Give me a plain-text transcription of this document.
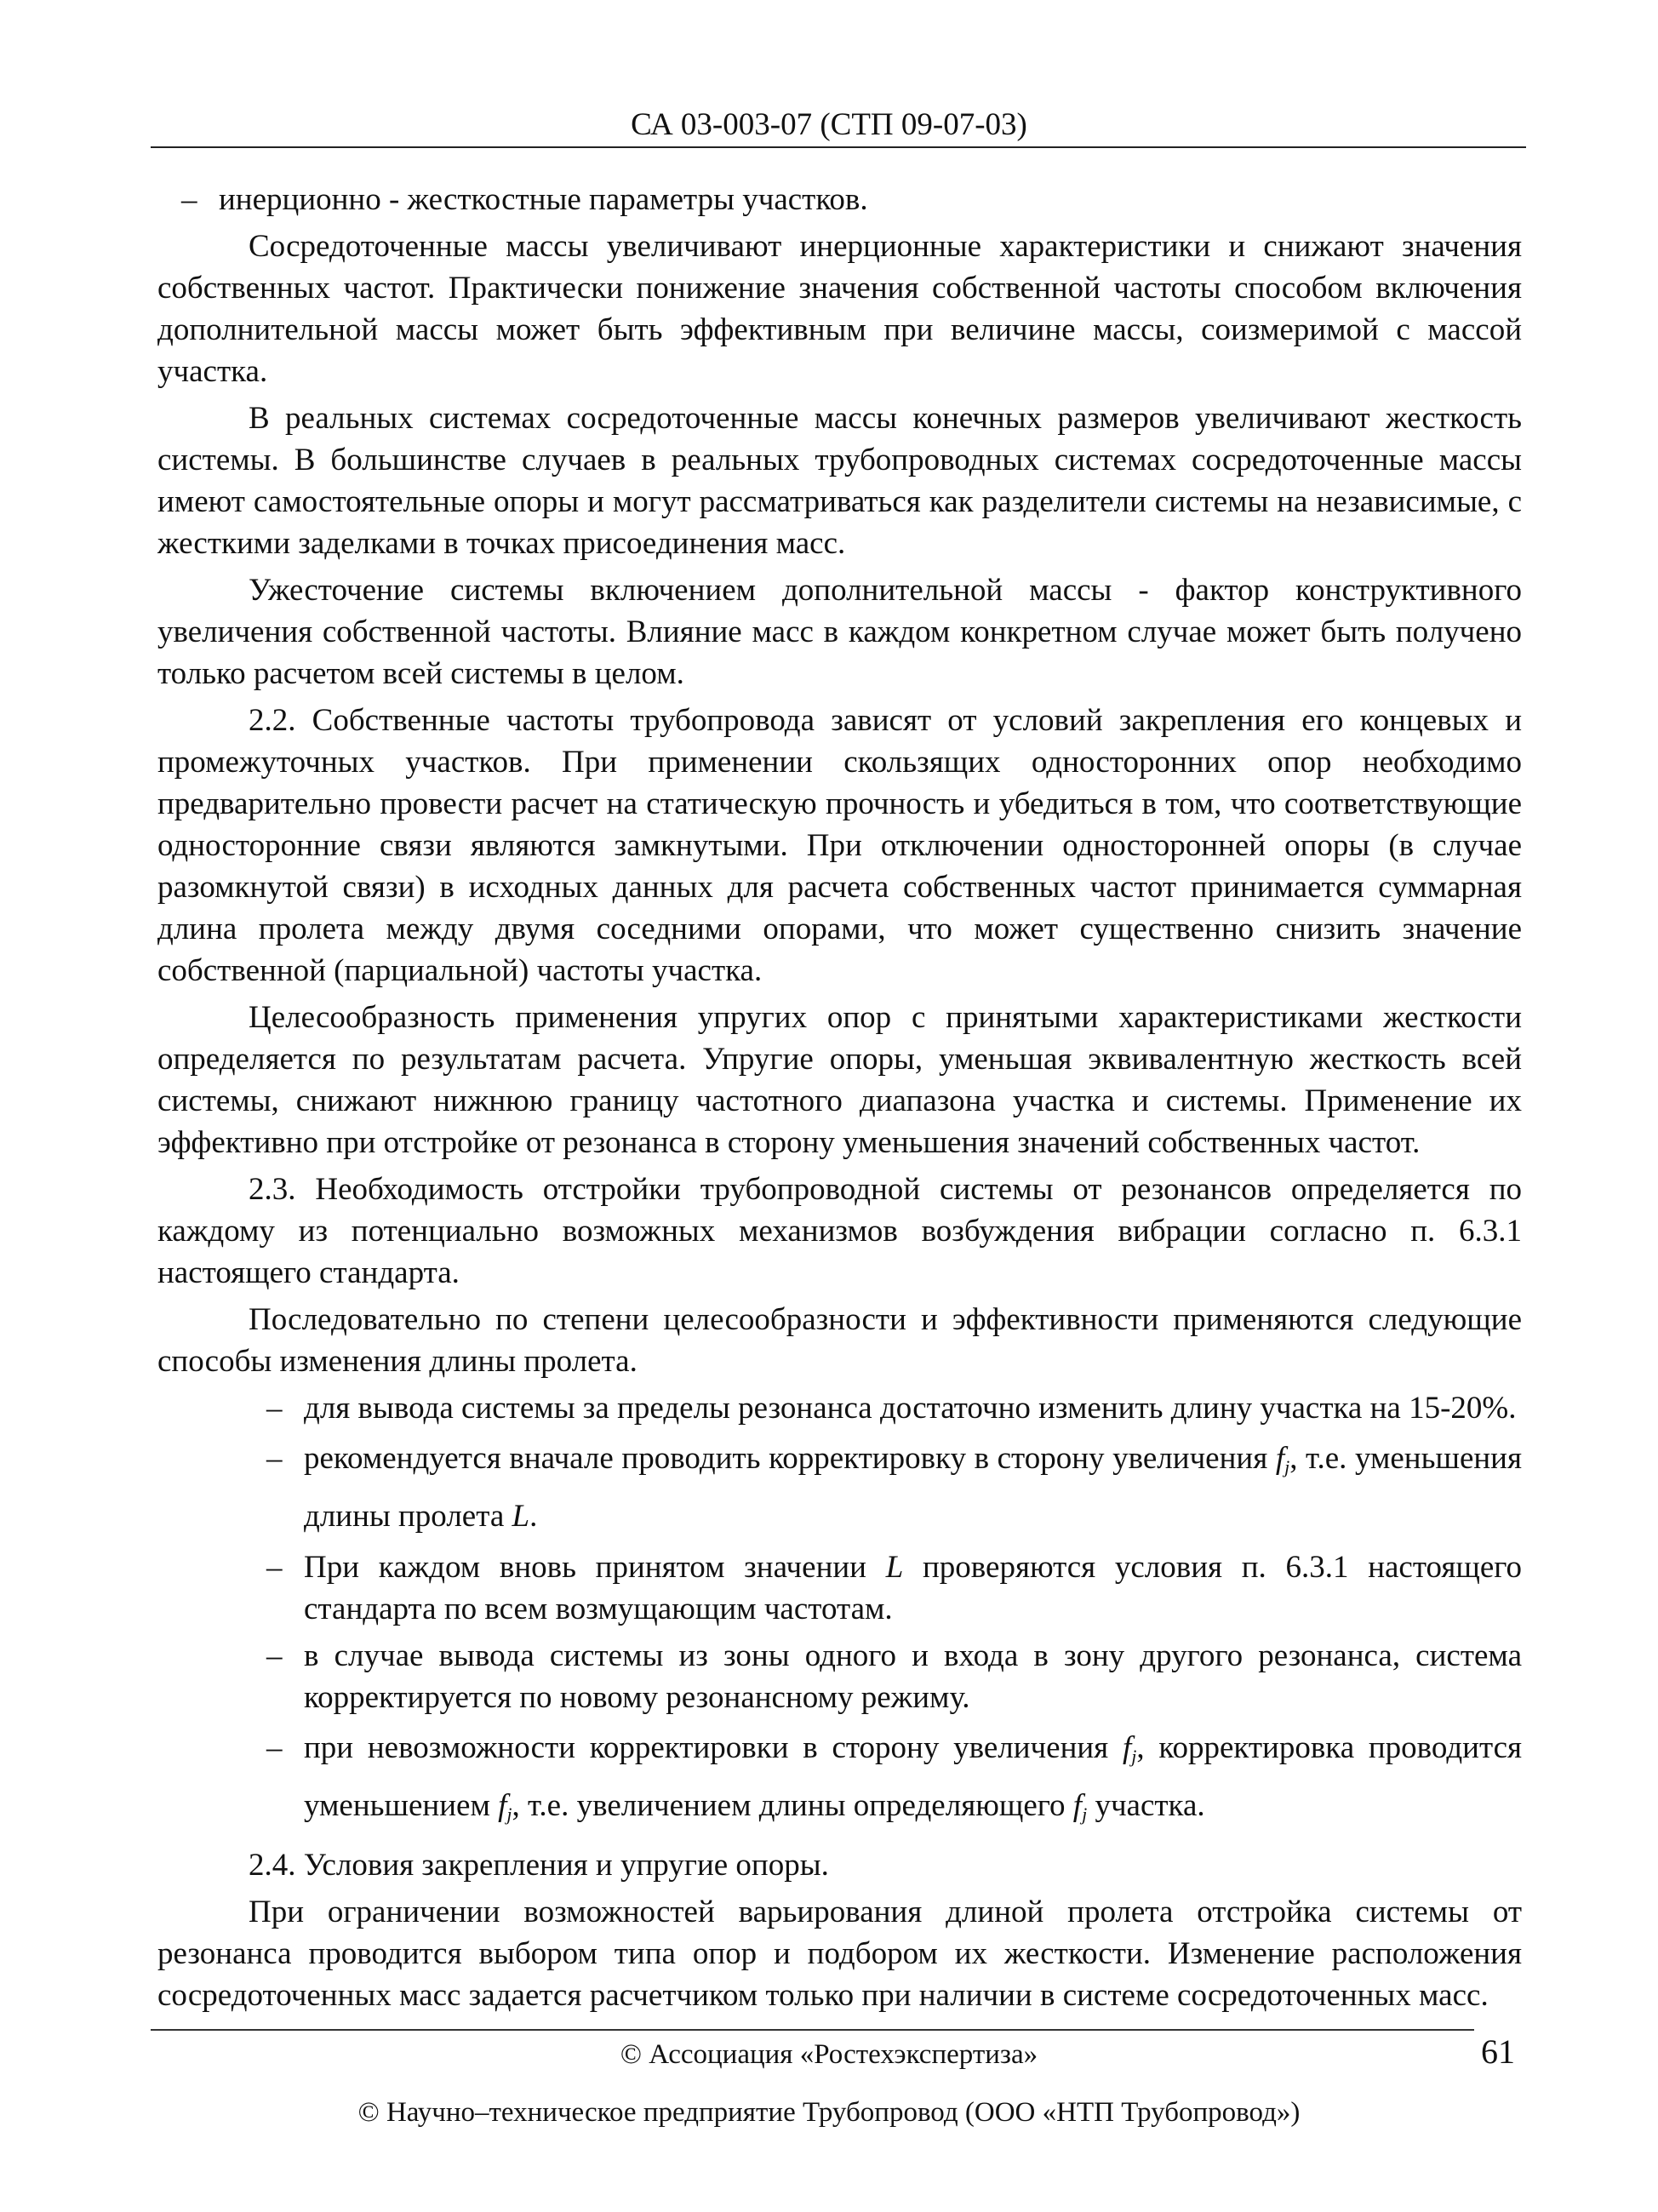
СА 03-003-07 (СТП 09-07-03)

– инерционно - жесткостные параметры участков.

Сосредоточенные массы увеличивают инерционные характеристики и снижают значения собственных частот. Практически понижение значения собственной частоты способом включения дополнительной массы может быть эффективным при величине массы, соизмеримой с массой участка.

В реальных системах сосредоточенные массы конечных размеров увеличивают жесткость системы. В большинстве случаев в реальных трубопроводных системах сосредоточенные массы имеют самостоятельные опоры и могут рассматриваться как разделители системы на независимые, с жесткими заделками в точках присоединения масс.

Ужесточение системы включением дополнительной массы - фактор конструктивного увеличения собственной частоты. Влияние масс в каждом конкретном случае может быть получено только расчетом всей системы в целом.

2.2. Собственные частоты трубопровода зависят от условий закрепления его концевых и промежуточных участков. При применении скользящих односторонних опор необходимо предварительно провести расчет на статическую прочность и убедиться в том, что соответствующие односторонние связи являются замкнутыми. При отключении односторонней опоры (в случае разомкнутой связи) в исходных данных для расчета собственных частот принимается суммарная длина пролета между двумя соседними опорами, что может существенно снизить значение собственной (парциальной) частоты участка.

Целесообразность применения упругих опор с принятыми характеристиками жесткости определяется по результатам расчета. Упругие опоры, уменьшая эквивалентную жесткость всей системы, снижают нижнюю границу частотного диапазона участка и системы. Применение их эффективно при отстройке от резонанса в сторону уменьшения значений собственных частот.

2.3. Необходимость отстройки трубопроводной системы от резонансов определяется по каждому из потенциально возможных механизмов возбуждения вибрации согласно п. 6.3.1 настоящего стандарта.

Последовательно по степени целесообразности и эффективности применяются следующие способы изменения длины пролета.

– для вывода системы за пределы резонанса достаточно изменить длину участка на 15-20%.

– рекомендуется вначале проводить корректировку в сторону увеличения $f_j$, т.е. уменьшения длины пролета L.

– При каждом вновь принятом значении L проверяются условия п. 6.3.1 настоящего стандарта по всем возмущающим частотам.

– в случае вывода системы из зоны одного и входа в зону другого резонанса, система корректируется по новому резонансному режиму.

– при невозможности корректировки в сторону увеличения $f_j$, корректировка проводится уменьшением $f_j$, т.е. увеличением длины определяющего $f_j$ участка.

2.4. Условия закрепления и упругие опоры.

При ограничении возможностей варьирования длиной пролета отстройка системы от резонанса проводится выбором типа опор и подбором их жесткости. Изменение расположения сосредоточенных масс задается расчетчиком только при наличии в системе сосредоточенных масс.

© Ассоциация «Ростехэкспертиза»	61
© Научно–техническое предприятие Трубопровод (ООО «НТП Трубопровод»)
